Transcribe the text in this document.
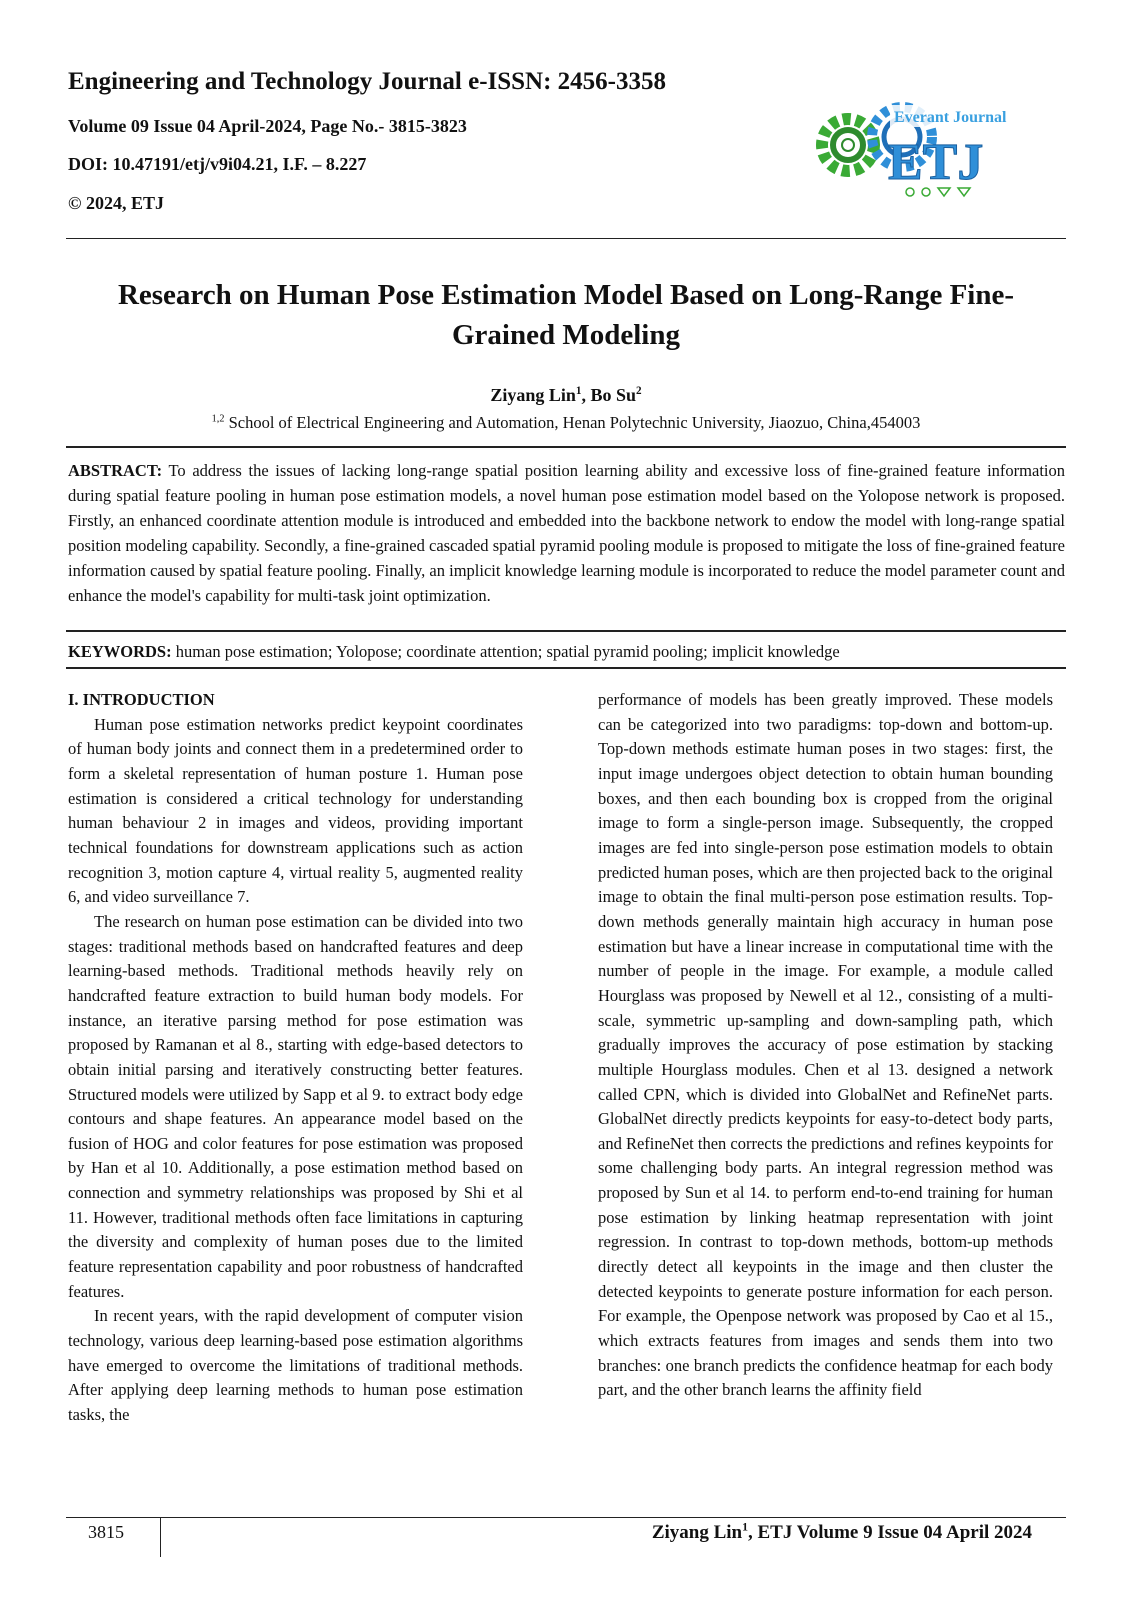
Engineering and Technology Journal e-ISSN: 2456-3358
Volume 09 Issue 04 April-2024, Page No.- 3815-3823
DOI: 10.47191/etj/v9i04.21, I.F. – 8.227
© 2024, ETJ
Everant Journal
ETJ
Research on Human Pose Estimation Model Based on Long-Range Fine-
Grained Modeling
Ziyang Lin$^1$, Bo Su$^2$
$^{1,2}$ School of Electrical Engineering and Automation, Henan Polytechnic University, Jiaozuo, China,454003
ABSTRACT: To address the issues of lacking long-range spatial position learning ability and excessive loss of fine-grained feature information during spatial feature pooling in human pose estimation models, a novel human pose estimation model based on the Yolopose network is proposed. Firstly, an enhanced coordinate attention module is introduced and embedded into the backbone network to endow the model with long-range spatial position modeling capability. Secondly, a fine-grained cascaded spatial pyramid pooling module is proposed to mitigate the loss of fine-grained feature information caused by spatial feature pooling. Finally, an implicit knowledge learning module is incorporated to reduce the model parameter count and enhance the model's capability for multi-task joint optimization.
KEYWORDS: human pose estimation; Yolopose; coordinate attention; spatial pyramid pooling; implicit knowledge
I. INTRODUCTION
Human pose estimation networks predict keypoint coordinates of human body joints and connect them in a predetermined order to form a skeletal representation of human posture 1. Human pose estimation is considered a critical technology for understanding human behaviour 2 in images and videos, providing important technical foundations for downstream applications such as action recognition 3, motion capture 4, virtual reality 5, augmented reality 6, and video surveillance 7.
The research on human pose estimation can be divided into two stages: traditional methods based on handcrafted features and deep learning-based methods. Traditional methods heavily rely on handcrafted feature extraction to build human body models. For instance, an iterative parsing method for pose estimation was proposed by Ramanan et al 8., starting with edge-based detectors to obtain initial parsing and iteratively constructing better features. Structured models were utilized by Sapp et al 9. to extract body edge contours and shape features. An appearance model based on the fusion of HOG and color features for pose estimation was proposed by Han et al 10. Additionally, a pose estimation method based on connection and symmetry relationships was proposed by Shi et al 11. However, traditional methods often face limitations in capturing the diversity and complexity of human poses due to the limited feature representation capability and poor robustness of handcrafted features.
In recent years, with the rapid development of computer vision technology, various deep learning-based pose estimation algorithms have emerged to overcome the limitations of traditional methods. After applying deep learning methods to human pose estimation tasks, the
performance of models has been greatly improved. These models can be categorized into two paradigms: top-down and bottom-up. Top-down methods estimate human poses in two stages: first, the input image undergoes object detection to obtain human bounding boxes, and then each bounding box is cropped from the original image to form a single-person image. Subsequently, the cropped images are fed into single-person pose estimation models to obtain predicted human poses, which are then projected back to the original image to obtain the final multi-person pose estimation results. Top-down methods generally maintain high accuracy in human pose estimation but have a linear increase in computational time with the number of people in the image. For example, a module called Hourglass was proposed by Newell et al 12., consisting of a multi-scale, symmetric up-sampling and down-sampling path, which gradually improves the accuracy of pose estimation by stacking multiple Hourglass modules. Chen et al 13. designed a network called CPN, which is divided into GlobalNet and RefineNet parts. GlobalNet directly predicts keypoints for easy-to-detect body parts, and RefineNet then corrects the predictions and refines keypoints for some challenging body parts. An integral regression method was proposed by Sun et al 14. to perform end-to-end training for human pose estimation by linking heatmap representation with joint regression. In contrast to top-down methods, bottom-up methods directly detect all keypoints in the image and then cluster the detected keypoints to generate posture information for each person. For example, the Openpose network was proposed by Cao et al 15., which extracts features from images and sends them into two branches: one branch predicts the confidence heatmap for each body part, and the other branch learns the affinity field
3815	Ziyang Lin$^1$, ETJ Volume 9 Issue 04 April 2024
